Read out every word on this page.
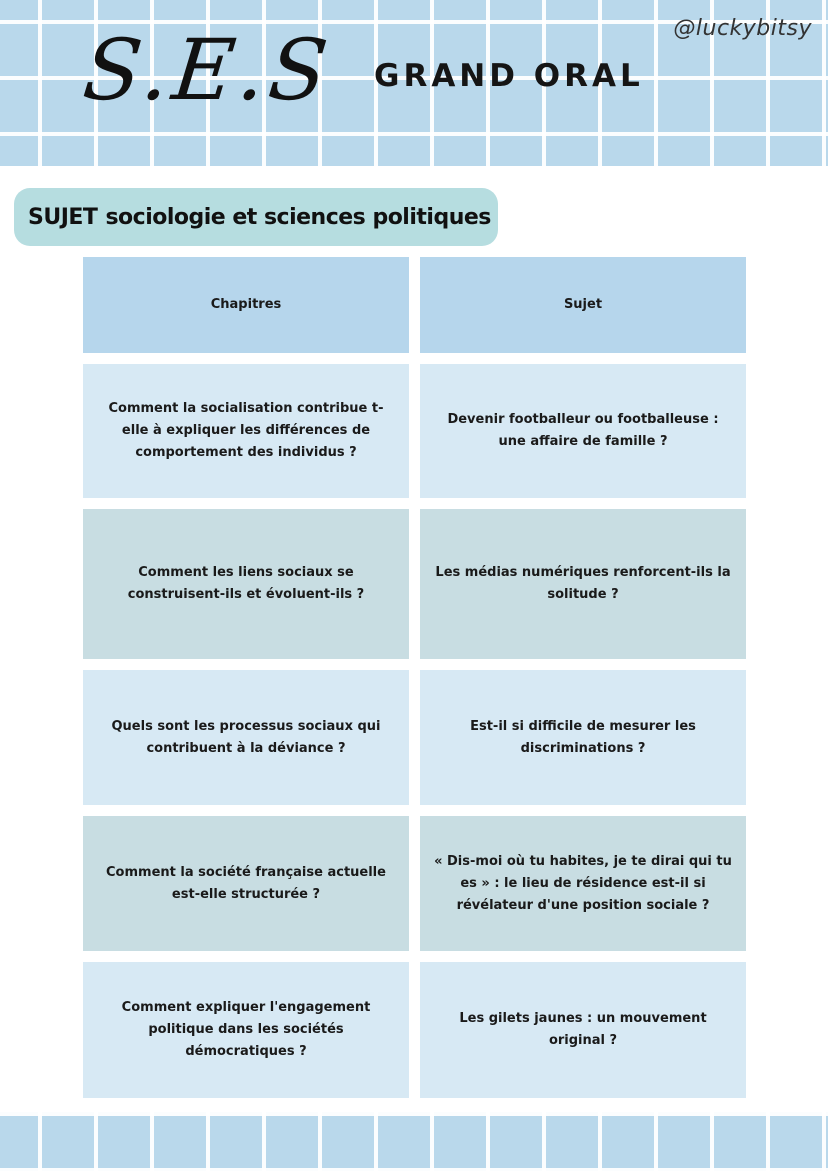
S.E.S GRAND ORAL
@luckybitsy
SUJET sociologie et sciences politiques
Chapitres	Sujet
Comment la socialisation contribue t-elle à expliquer les différences de comportement des individus ?
Devenir footballeur ou footballeuse : une affaire de famille ?
Comment les liens sociaux se construisent-ils et évoluent-ils ?
Les médias numériques renforcent-ils la solitude ?
Quels sont les processus sociaux qui contribuent à la déviance ?
Est-il si difficile de mesurer les discriminations ?
Comment la société française actuelle est-elle structurée ?
« Dis-moi où tu habites, je te dirai qui tu es » : le lieu de résidence est-il si révélateur d'une position sociale ?
Comment expliquer l'engagement politique dans les sociétés démocratiques ?
Les gilets jaunes : un mouvement original ?
